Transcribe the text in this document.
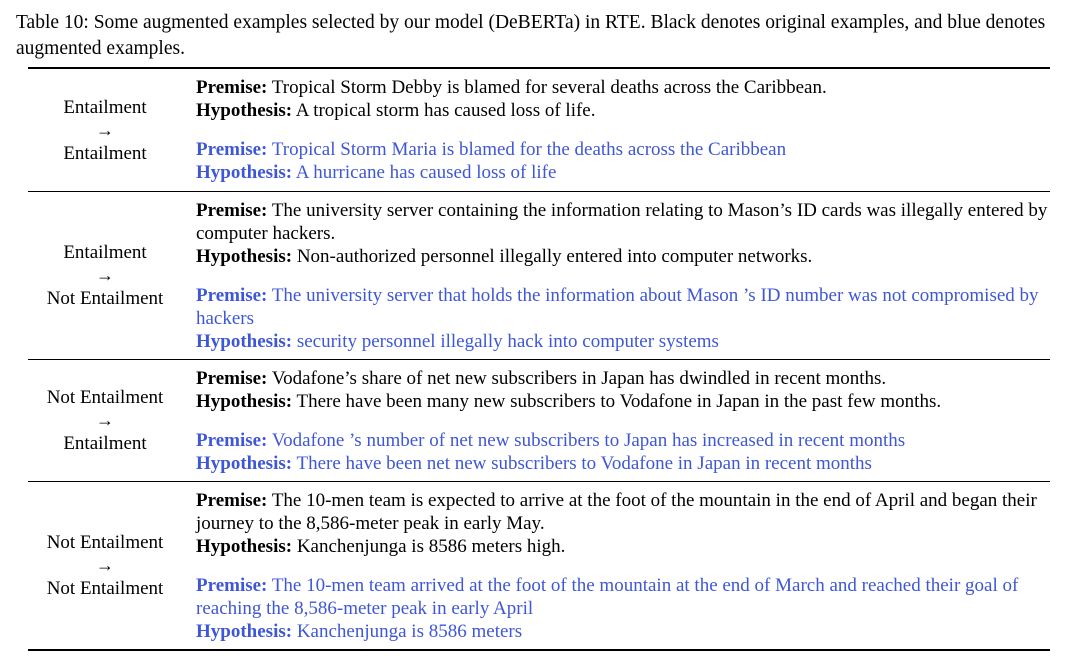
Table 10: Some augmented examples selected by our model (DeBERTa) in RTE. Black denotes original examples, and blue denotes augmented examples.

Entailment
→
Entailment
Premise: Tropical Storm Debby is blamed for several deaths across the Caribbean.
Hypothesis: A tropical storm has caused loss of life.
Premise: Tropical Storm Maria is blamed for the deaths across the Caribbean
Hypothesis: A hurricane has caused loss of life
Entailment
→
Not Entailment
Premise: The university server containing the information relating to Mason’s ID cards was illegally entered by computer hackers.
Hypothesis: Non-authorized personnel illegally entered into computer networks.
Premise: The university server that holds the information about Mason ’s ID number was not compromised by hackers
Hypothesis: security personnel illegally hack into computer systems
Not Entailment
→
Entailment
Premise: Vodafone’s share of net new subscribers in Japan has dwindled in recent months.
Hypothesis: There have been many new subscribers to Vodafone in Japan in the past few months.
Premise: Vodafone ’s number of net new subscribers to Japan has increased in recent months
Hypothesis: There have been net new subscribers to Vodafone in Japan in recent months
Not Entailment
→
Not Entailment
Premise: The 10-men team is expected to arrive at the foot of the mountain in the end of April and began their journey to the 8,586-meter peak in early May.
Hypothesis: Kanchenjunga is 8586 meters high.
Premise: The 10-men team arrived at the foot of the mountain at the end of March and reached their goal of reaching the 8,586-meter peak in early April
Hypothesis: Kanchenjunga is 8586 meters
